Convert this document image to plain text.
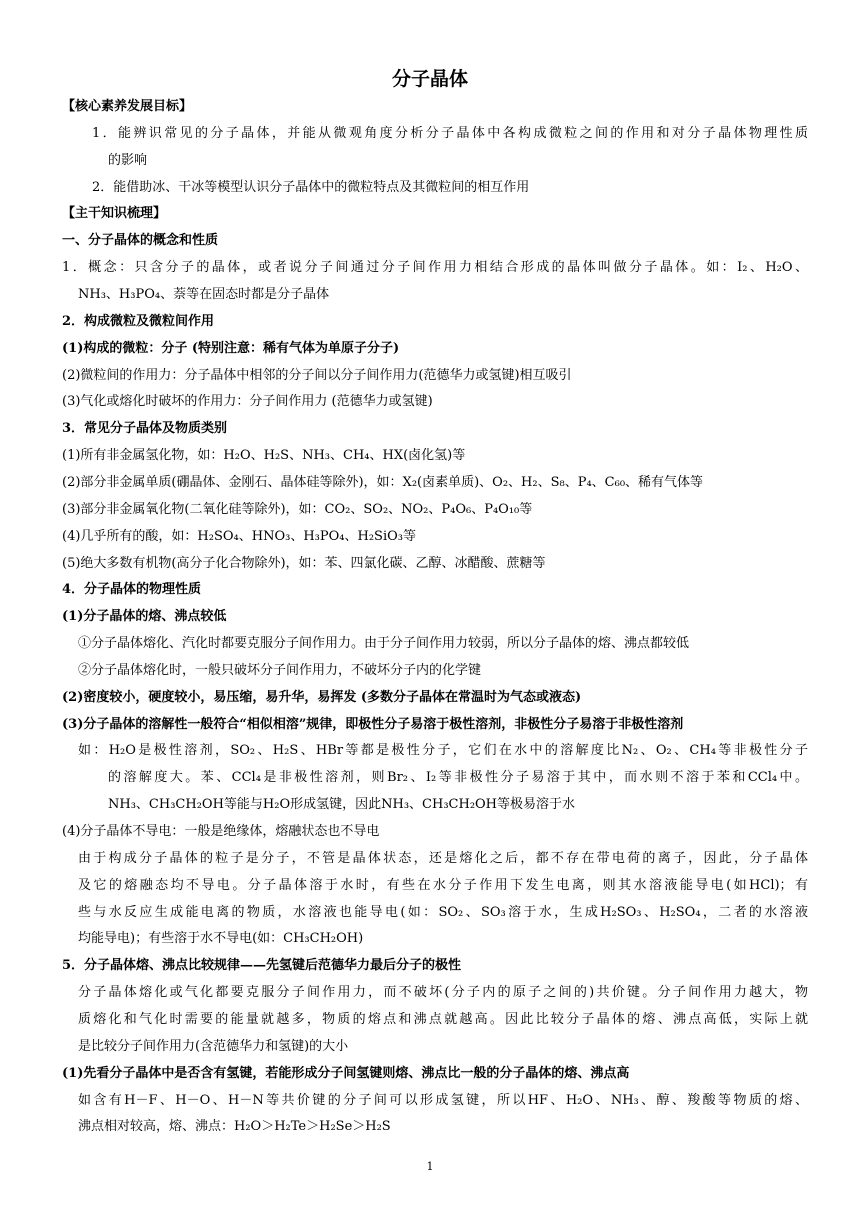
分子晶体
【核心素养发展目标】
1．能辨识常见的分子晶体，并能从微观角度分析分子晶体中各构成微粒之间的作用和对分子晶体物理性质
的影响
2．能借助冰、干冰等模型认识分子晶体中的微粒特点及其微粒间的相互作用
【主干知识梳理】
一、分子晶体的概念和性质
1．概念：只含分子的晶体，或者说分子间通过分子间作用力相结合形成的晶体叫做分子晶体。如：I₂、H₂O、
NH₃、H₃PO₄、萘等在固态时都是分子晶体
2．构成微粒及微粒间作用
(1)构成的微粒：分子 (特别注意：稀有气体为单原子分子)
(2)微粒间的作用力：分子晶体中相邻的分子间以分子间作用力(范德华力或氢键)相互吸引
(3)气化或熔化时破坏的作用力：分子间作用力 (范德华力或氢键)
3．常见分子晶体及物质类别
(1)所有非金属氢化物，如：H₂O、H₂S、NH₃、CH₄、HX(卤化氢)等
(2)部分非金属单质(硼晶体、金刚石、晶体硅等除外)，如：X₂(卤素单质)、O₂、H₂、S₈、P₄、C₆₀、稀有气体等
(3)部分非金属氧化物(二氧化硅等除外)，如：CO₂、SO₂、NO₂、P₄O₆、P₄O₁₀等
(4)几乎所有的酸，如：H₂SO₄、HNO₃、H₃PO₄、H₂SiO₃等
(5)绝大多数有机物(高分子化合物除外)，如：苯、四氯化碳、乙醇、冰醋酸、蔗糖等
4．分子晶体的物理性质
(1)分子晶体的熔、沸点较低
①分子晶体熔化、汽化时都要克服分子间作用力。由于分子间作用力较弱，所以分子晶体的熔、沸点都较低
②分子晶体熔化时，一般只破坏分子间作用力，不破坏分子内的化学键
(2)密度较小，硬度较小，易压缩，易升华，易挥发 (多数分子晶体在常温时为气态或液态)
(3)分子晶体的溶解性一般符合“相似相溶”规律，即极性分子易溶于极性溶剂，非极性分子易溶于非极性溶剂
如：H₂O是极性溶剂，SO₂、H₂S、HBr等都是极性分子，它们在水中的溶解度比N₂、O₂、CH₄等非极性分子
的溶解度大。苯、CCl₄是非极性溶剂，则Br₂、I₂等非极性分子易溶于其中，而水则不溶于苯和CCl₄中。
NH₃、CH₃CH₂OH等能与H₂O形成氢键，因此NH₃、CH₃CH₂OH等极易溶于水
(4)分子晶体不导电：一般是绝缘体，熔融状态也不导电
由于构成分子晶体的粒子是分子，不管是晶体状态，还是熔化之后，都不存在带电荷的离子，因此，分子晶体
及它的熔融态均不导电。分子晶体溶于水时，有些在水分子作用下发生电离，则其水溶液能导电(如HCl)；有
些与水反应生成能电离的物质，水溶液也能导电(如：SO₂、SO₃溶于水，生成H₂SO₃、H₂SO₄，二者的水溶液
均能导电)；有些溶于水不导电(如：CH₃CH₂OH)
5．分子晶体熔、沸点比较规律——先氢键后范德华力最后分子的极性
分子晶体熔化或气化都要克服分子间作用力，而不破坏(分子内的原子之间的)共价键。分子间作用力越大，物
质熔化和气化时需要的能量就越多，物质的熔点和沸点就越高。因此比较分子晶体的熔、沸点高低，实际上就
是比较分子间作用力(含范德华力和氢键)的大小
(1)先看分子晶体中是否含有氢键，若能形成分子间氢键则熔、沸点比一般的分子晶体的熔、沸点高
如含有H－F、H－O、H－N等共价键的分子间可以形成氢键，所以HF、H₂O、NH₃、醇、羧酸等物质的熔、
沸点相对较高，熔、沸点：H₂O＞H₂Te＞H₂Se＞H₂S
1
